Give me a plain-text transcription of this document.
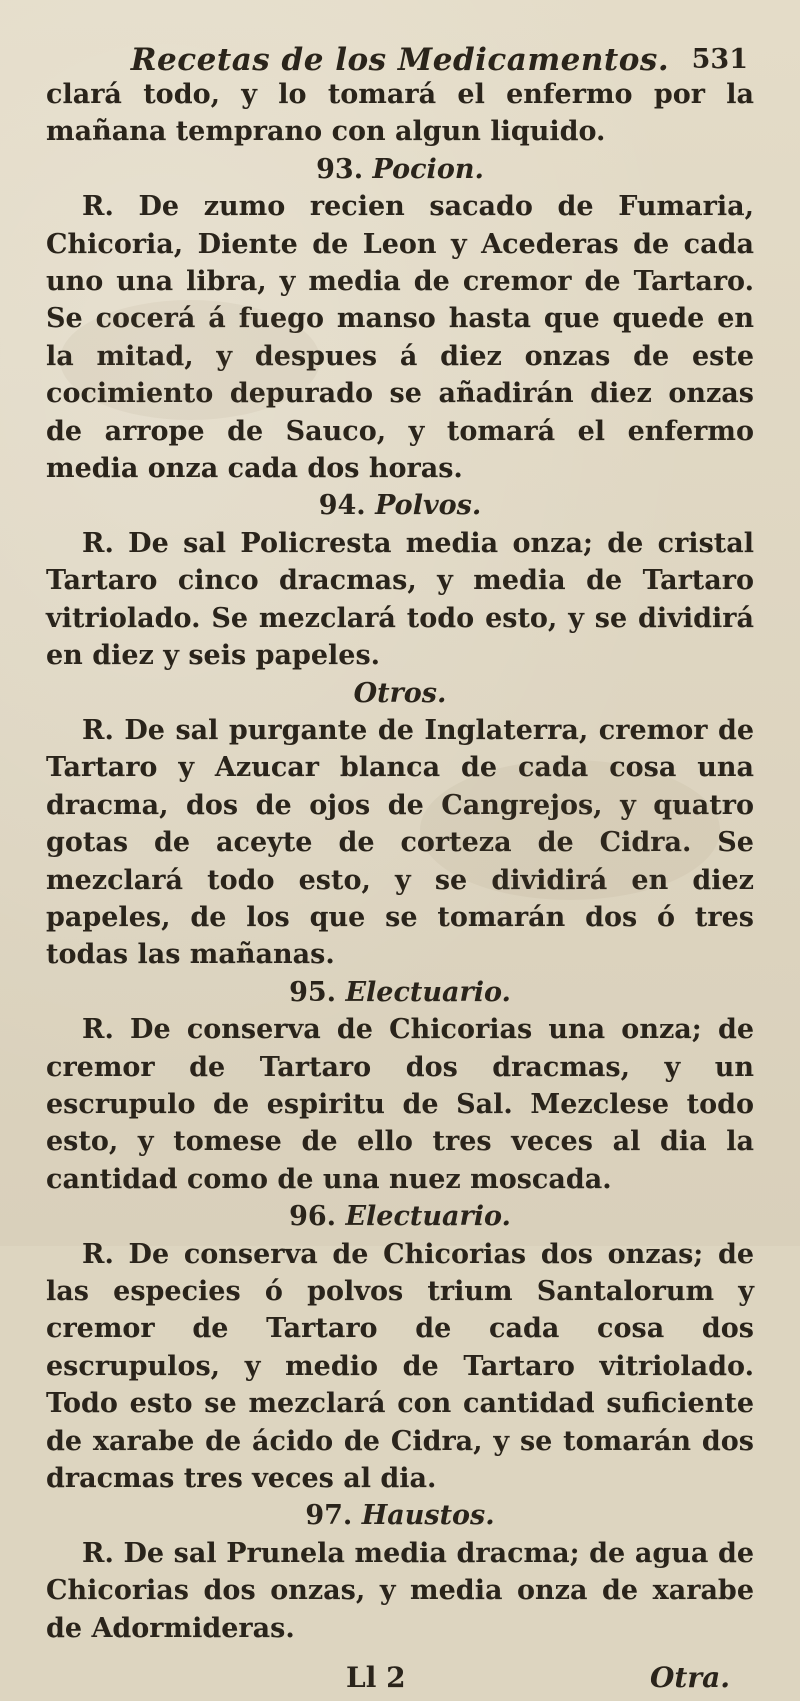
Recetas de los Medicamentos. 531

clará todo, y lo tomará el enfermo por la mañana temprano con algun liquido.

93. Pocion.

R. De zumo recien sacado de Fumaria, Chicoria, Diente de Leon y Acederas de cada uno una libra, y media de cremor de Tartaro. Se cocerá á fuego manso hasta que quede en la mitad, y despues á diez onzas de este cocimiento depurado se añadirán diez onzas de arrope de Sauco, y tomará el enfermo media onza cada dos horas.

94. Polvos.

R. De sal Policresta media onza; de cristal Tartaro cinco dracmas, y media de Tartaro vitriolado. Se mezclará todo esto, y se dividirá en diez y seis papeles.

Otros.

R. De sal purgante de Inglaterra, cremor de Tartaro y Azucar blanca de cada cosa una dracma, dos de ojos de Cangrejos, y quatro gotas de aceyte de corteza de Cidra. Se mezclará todo esto, y se dividirá en diez papeles, de los que se tomarán dos ó tres todas las mañanas.

95. Electuario.

R. De conserva de Chicorias una onza; de cremor de Tartaro dos dracmas, y un escrupulo de espiritu de Sal. Mezclese todo esto, y tomese de ello tres veces al dia la cantidad como de una nuez moscada.

96. Electuario.

R. De conserva de Chicorias dos onzas; de las especies ó polvos trium Santalorum y cremor de Tartaro de cada cosa dos escrupulos, y medio de Tartaro vitriolado. Todo esto se mezclará con cantidad suficiente de xarabe de ácido de Cidra, y se tomarán dos dracmas tres veces al dia.

97. Haustos.

R. De sal Prunela media dracma; de agua de Chicorias dos onzas, y media onza de xarabe de Adormideras.

Ll 2	Otra.
